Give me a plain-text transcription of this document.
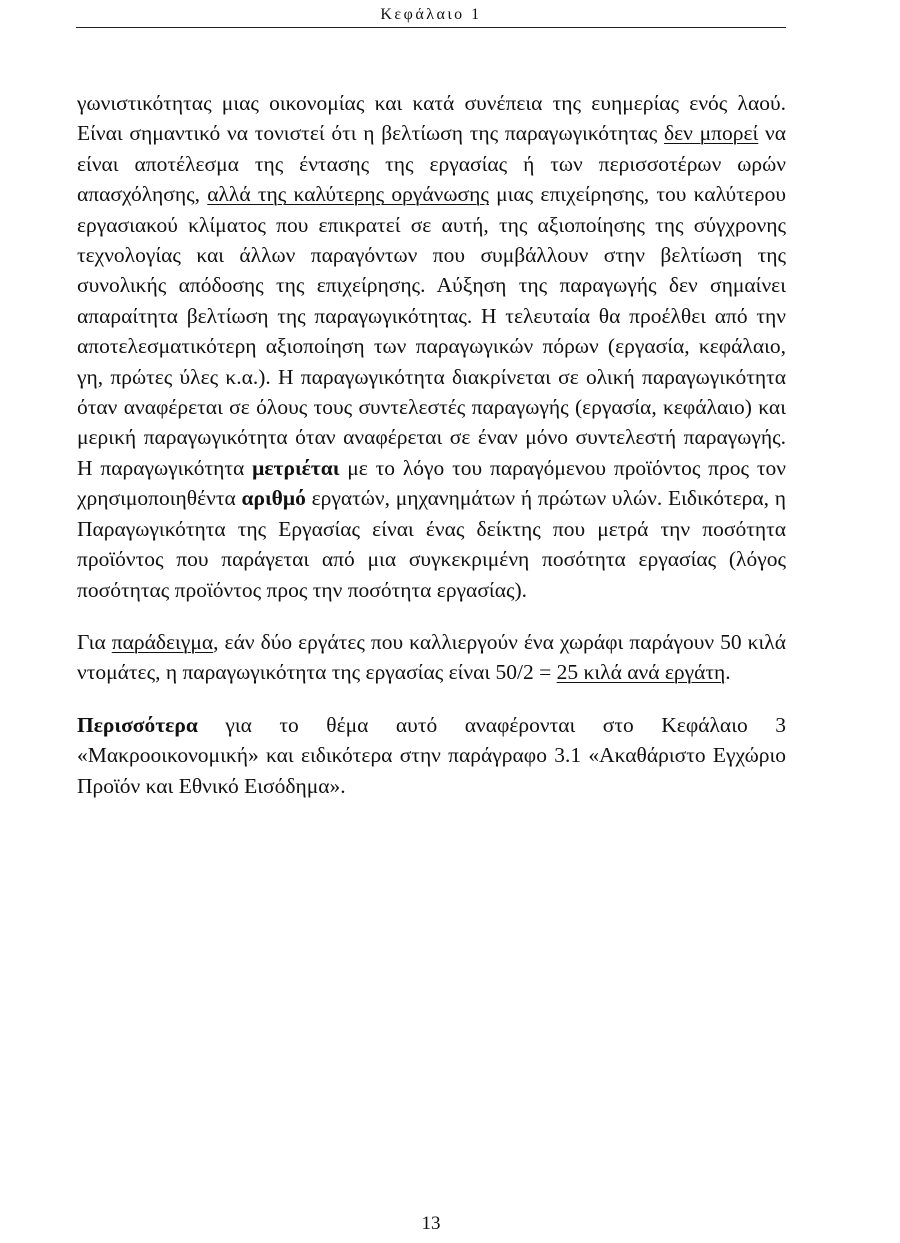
Κεφάλαιο 1

γωνιστικότητας μιας οικονομίας και κατά συνέπεια της ευημερίας ενός λαού. Είναι σημαντικό να τονιστεί ότι η βελτίωση της παραγωγικότητας δεν μπορεί να είναι αποτέλεσμα της έντασης της εργασίας ή των περισσοτέρων ωρών απασχόλησης, αλλά της καλύτερης οργάνωσης μιας επιχείρησης, του καλύτερου εργασιακού κλίματος που επικρατεί σε αυτή, της αξιοποίησης της σύγχρονης τεχνολογίας και άλλων παραγόντων που συμβάλλουν στην βελτίωση της συνολικής απόδοσης της επιχείρησης. Αύξηση της παραγωγής δεν σημαίνει απαραίτητα βελτίωση της παραγωγικότητας. Η τελευταία θα προέλθει από την αποτελεσματικότερη αξιοποίηση των παραγωγικών πόρων (εργασία, κεφάλαιο, γη, πρώτες ύλες κ.α.). Η παραγωγικότητα διακρίνεται σε ολική παραγωγικότητα όταν αναφέρεται σε όλους τους συντελεστές παραγωγής (εργασία, κεφάλαιο) και μερική παραγωγικότητα όταν αναφέρεται σε έναν μόνο συντελεστή παραγωγής. Η παραγωγικότητα μετριέται με το λόγο του παραγόμενου προϊόντος προς τον χρησιμοποιηθέντα αριθμό εργατών, μηχανημάτων ή πρώτων υλών. Ειδικότερα, η Παραγωγικότητα της Εργασίας είναι ένας δείκτης που μετρά την ποσότητα προϊόντος που παράγεται από μια συγκεκριμένη ποσότητα εργασίας (λόγος ποσότητας προϊόντος προς την ποσότητα εργασίας).

Για παράδειγμα, εάν δύο εργάτες που καλλιεργούν ένα χωράφι παράγουν 50 κιλά ντομάτες, η παραγωγικότητα της εργασίας είναι 50/2 = 25 κιλά ανά εργάτη.

Περισσότερα για το θέμα αυτό αναφέρονται στο Κεφάλαιο 3 «Μακροοικονομική» και ειδικότερα στην παράγραφο 3.1 «Ακαθάριστο Εγχώριο Προϊόν και Εθνικό Εισόδημα».

13
